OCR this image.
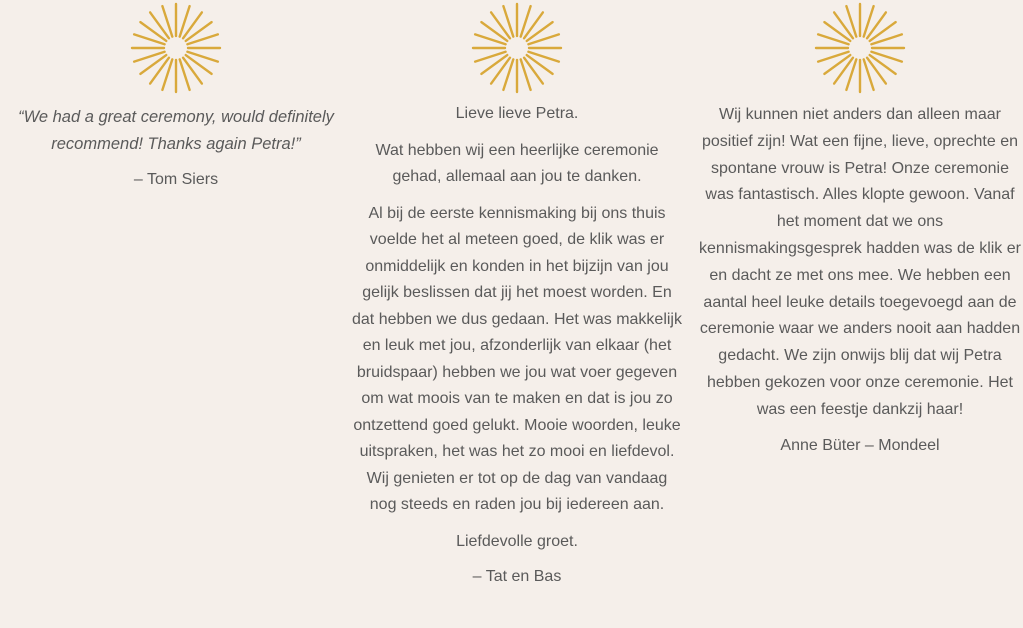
“We had a great ceremony, would definitely recommend! Thanks again Petra!”

– Tom Siers

Lieve lieve Petra.

Wat hebben wij een heerlijke ceremonie gehad, allemaal aan jou te danken.

Al bij de eerste kennismaking bij ons thuis voelde het al meteen goed, de klik was er onmiddelijk en konden in het bijzijn van jou gelijk beslissen dat jij het moest worden. En dat hebben we dus gedaan. Het was makkelijk en leuk met jou, afzonderlijk van elkaar (het bruidspaar) hebben we jou wat voer gegeven om wat moois van te maken en dat is jou zo ontzettend goed gelukt. Mooie woorden, leuke uitspraken, het was het zo mooi en liefdevol. Wij genieten er tot op de dag van vandaag nog steeds en raden jou bij iedereen aan.

Liefdevolle groet.

– Tat en Bas

Wij kunnen niet anders dan alleen maar positief zijn! Wat een fijne, lieve, oprechte en spontane vrouw is Petra! Onze ceremonie was fantastisch. Alles klopte gewoon. Vanaf het moment dat we ons kennismakingsgesprek hadden was de klik er en dacht ze met ons mee. We hebben een aantal heel leuke details toegevoegd aan de ceremonie waar we anders nooit aan hadden gedacht. We zijn onwijs blij dat wij Petra hebben gekozen voor onze ceremonie. Het was een feestje dankzij haar!

Anne Büter – Mondeel
